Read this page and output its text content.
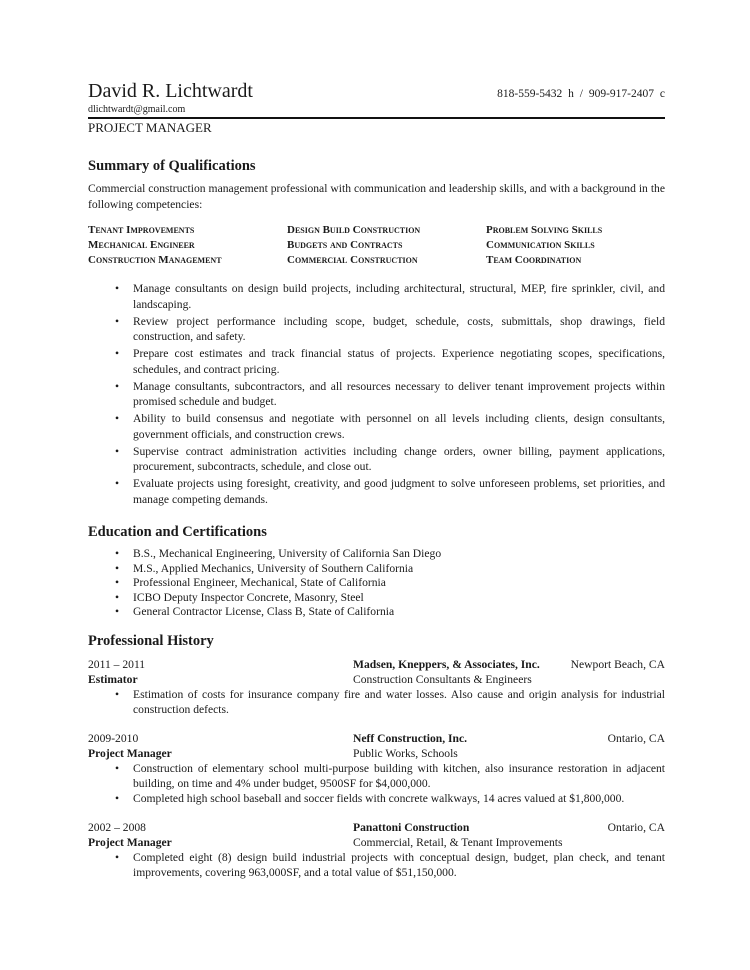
David R. Lichtwardt	818-559-5432 h / 909-917-2407 c
dlichtwardt@gmail.com
PROJECT MANAGER
Summary of Qualifications
Commercial construction management professional with communication and leadership skills, and with a background in the following competencies:
Tenant Improvements	Design Build Construction	Problem Solving Skills
Mechanical Engineer	Budgets and Contracts	Communication Skills
Construction Management	Commercial Construction	Team Coordination
• Manage consultants on design build projects, including architectural, structural, MEP, fire sprinkler, civil, and landscaping.
• Review project performance including scope, budget, schedule, costs, submittals, shop drawings, field construction, and safety.
• Prepare cost estimates and track financial status of projects. Experience negotiating scopes, specifications, schedules, and contract pricing.
• Manage consultants, subcontractors, and all resources necessary to deliver tenant improvement projects within promised schedule and budget.
• Ability to build consensus and negotiate with personnel on all levels including clients, design consultants, government officials, and construction crews.
• Supervise contract administration activities including change orders, owner billing, payment applications, procurement, subcontracts, schedule, and close out.
• Evaluate projects using foresight, creativity, and good judgment to solve unforeseen problems, set priorities, and manage competing demands.
Education and Certifications
• B.S., Mechanical Engineering, University of California San Diego
• M.S., Applied Mechanics, University of Southern California
• Professional Engineer, Mechanical, State of California
• ICBO Deputy Inspector Concrete, Masonry, Steel
• General Contractor License, Class B, State of California
Professional History
2011 – 2011	Madsen, Kneppers, & Associates, Inc.	Newport Beach, CA
Estimator	Construction Consultants & Engineers
• Estimation of costs for insurance company fire and water losses. Also cause and origin analysis for industrial construction defects.
2009-2010	Neff Construction, Inc.	Ontario, CA
Project Manager	Public Works, Schools
• Construction of elementary school multi-purpose building with kitchen, also insurance restoration in adjacent building, on time and 4% under budget, 9500SF for $4,000,000.
• Completed high school baseball and soccer fields with concrete walkways, 14 acres valued at $1,800,000.
2002 – 2008	Panattoni Construction	Ontario, CA
Project Manager	Commercial, Retail, & Tenant Improvements
• Completed eight (8) design build industrial projects with conceptual design, budget, plan check, and tenant improvements, covering 963,000SF, and a total value of $51,150,000.
